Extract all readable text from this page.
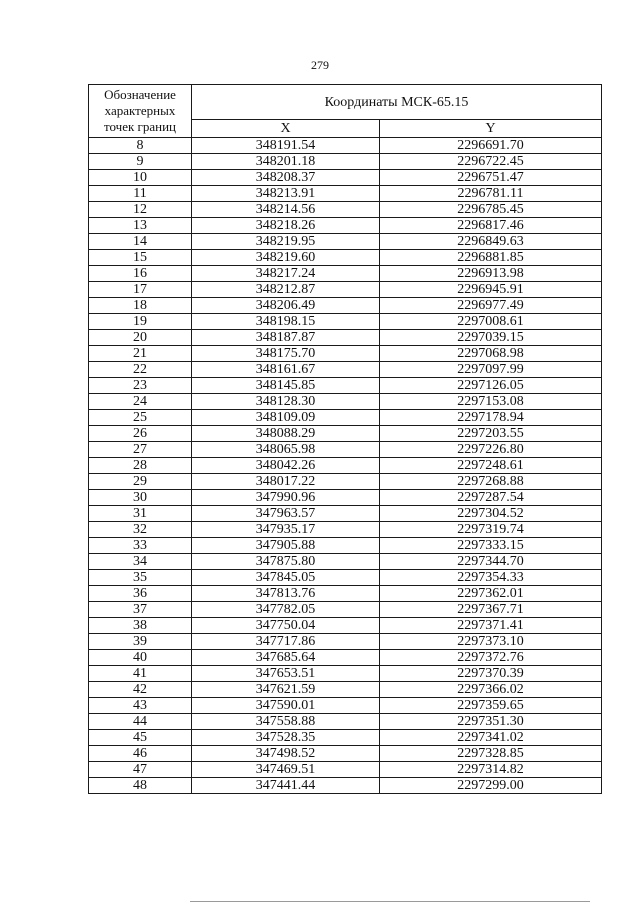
279
Обозначение характерных точек границ	Координаты МСК-65.15	
	X	Y
8	348191.54	2296691.70
9	348201.18	2296722.45
10	348208.37	2296751.47
11	348213.91	2296781.11
12	348214.56	2296785.45
13	348218.26	2296817.46
14	348219.95	2296849.63
15	348219.60	2296881.85
16	348217.24	2296913.98
17	348212.87	2296945.91
18	348206.49	2296977.49
19	348198.15	2297008.61
20	348187.87	2297039.15
21	348175.70	2297068.98
22	348161.67	2297097.99
23	348145.85	2297126.05
24	348128.30	2297153.08
25	348109.09	2297178.94
26	348088.29	2297203.55
27	348065.98	2297226.80
28	348042.26	2297248.61
29	348017.22	2297268.88
30	347990.96	2297287.54
31	347963.57	2297304.52
32	347935.17	2297319.74
33	347905.88	2297333.15
34	347875.80	2297344.70
35	347845.05	2297354.33
36	347813.76	2297362.01
37	347782.05	2297367.71
38	347750.04	2297371.41
39	347717.86	2297373.10
40	347685.64	2297372.76
41	347653.51	2297370.39
42	347621.59	2297366.02
43	347590.01	2297359.65
44	347558.88	2297351.30
45	347528.35	2297341.02
46	347498.52	2297328.85
47	347469.51	2297314.82
48	347441.44	2297299.00
